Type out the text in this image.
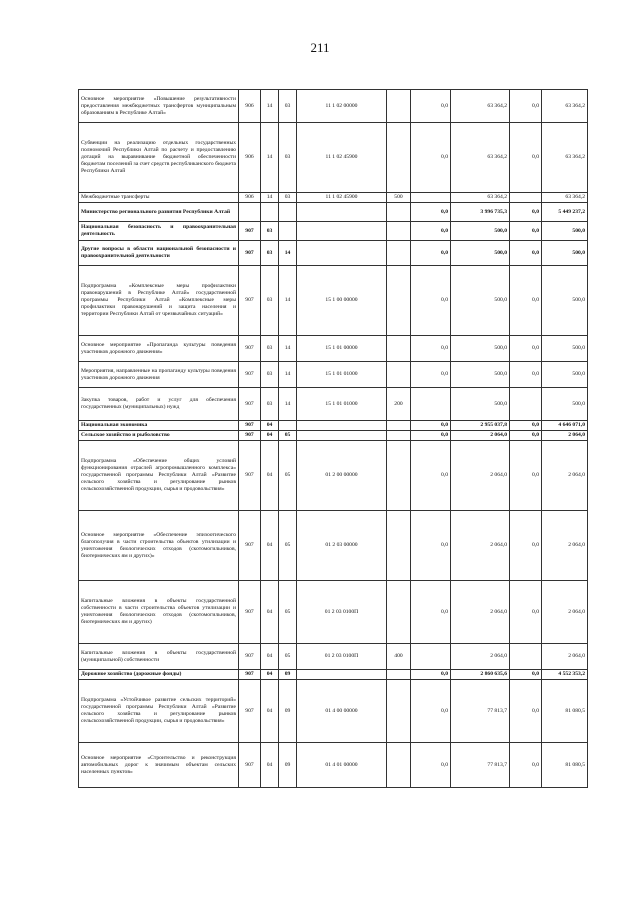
211
Основное мероприятие «Повышение результативности предоставления межбюджетных трансфертов муниципальным образованиям в Республике Алтай»	906	14	03	11 1 02 00000		0,0	63 364,2	0,0	63 364,2
Субвенции на реализацию отдельных государственных полномочий Республики Алтай по расчету и предоставлению дотаций на выравнивание бюджетной обеспеченности бюджетам поселений за счет средств республиканского бюджета Республики Алтай	906	14	03	11 1 02 45900		0,0	63 364,2	0,0	63 364,2
Межбюджетные трансферты	906	14	03	11 1 02 45900	500		63 364,2		63 364,2
Министерство регионального развития Республики Алтай						0,0	3 996 735,3	0,0	5 449 237,2
Национальная безопасность и правоохранительная деятельность	907	03				0,0	500,0	0,0	500,0
Другие вопросы в области национальной безопасности и правоохранительной деятельности	907	03	14			0,0	500,0	0,0	500,0
Подпрограмма «Комплексные меры профилактики правонарушений в Республике Алтай» государственной программы Республики Алтай «Комплексные меры профилактики правонарушений и защита населения и территории Республики Алтай от чрезвычайных ситуаций»	907	03	14	15 1 00 00000		0,0	500,0	0,0	500,0
Основное мероприятие «Пропаганда культуры поведения участников дорожного движения»	907	03	14	15 1 01 00000		0,0	500,0	0,0	500,0
Мероприятия, направленные на пропаганду культуры поведения участников дорожного движения	907	03	14	15 1 01 01000		0,0	500,0	0,0	500,0
Закупка товаров, работ и услуг для обеспечения государственных (муниципальных) нужд	907	03	14	15 1 01 01000	200		500,0		500,0
Национальная экономика	907	04				0,0	2 955 037,8	0,0	4 646 071,0
Сельское хозяйство и рыболовство	907	04	05			0,0	2 064,0	0,0	2 064,0
Подпрограмма «Обеспечение общих условий функционирования отраслей агропромышленного комплекса» государственной программы Республики Алтай «Развитие сельского хозяйства и регулирование рынков сельскохозяйственной продукции, сырья и продовольствия»	907	04	05	01 2 00 00000		0,0	2 064,0	0,0	2 064,0
Основное мероприятие «Обеспечение эпизоотического благополучия в части строительства объектов утилизации и уничтожения биологических отходов (скотомогильников, биотермических ям и других)»	907	04	05	01 2 03 00000		0,0	2 064,0	0,0	2 064,0
Капитальные вложения в объекты государственной собственности в части строительства объектов утилизации и уничтожения биологических отходов (скотомогильников, биотермических ям и других)	907	04	05	01 2 03 0100П		0,0	2 064,0	0,0	2 064,0
Капитальные вложения в объекты государственной (муниципальной) собственности	907	04	05	01 2 03 0100П	400		2 064,0		2 064,0
Дорожное хозяйство (дорожные фонды)	907	04	09			0,0	2 860 635,6	0,0	4 552 353,2
Подпрограмма «Устойчивое развитие сельских территорий» государственной программы Республики Алтай «Развитие сельского хозяйства и регулирование рынков сельскохозяйственной продукции, сырья и продовольствия»	907	04	09	01 4 00 00000		0,0	77 813,7	0,0	81 080,5
Основное мероприятие «Строительство и реконструкция автомобильных дорог к значимым объектам сельских населенных пунктов»	907	04	09	01 4 01 00000		0,0	77 813,7	0,0	81 080,5
